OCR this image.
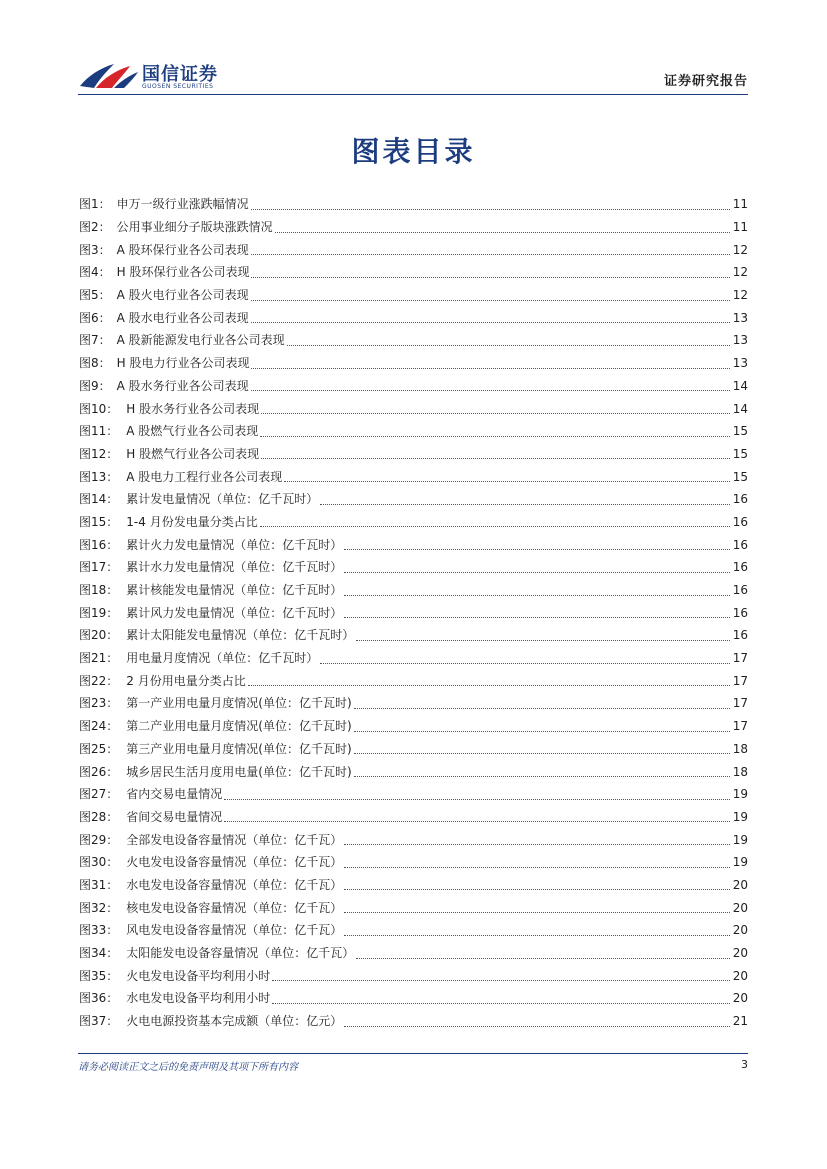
国信证券
GUOSEN SECURITIES	证券研究报告
图表目录
图1： 申万一级行业涨跌幅情况	11
图2： 公用事业细分子版块涨跌情况	11
图3： A 股环保行业各公司表现	12
图4： H 股环保行业各公司表现	12
图5： A 股火电行业各公司表现	12
图6： A 股水电行业各公司表现	13
图7： A 股新能源发电行业各公司表现	13
图8： H 股电力行业各公司表现	13
图9： A 股水务行业各公司表现	14
图10： H 股水务行业各公司表现	14
图11： A 股燃气行业各公司表现	15
图12： H 股燃气行业各公司表现	15
图13： A 股电力工程行业各公司表现	15
图14： 累计发电量情况（单位：亿千瓦时）	16
图15： 1-4 月份发电量分类占比	16
图16： 累计火力发电量情况（单位：亿千瓦时）	16
图17： 累计水力发电量情况（单位：亿千瓦时）	16
图18： 累计核能发电量情况（单位：亿千瓦时）	16
图19： 累计风力发电量情况（单位：亿千瓦时）	16
图20： 累计太阳能发电量情况（单位：亿千瓦时）	16
图21： 用电量月度情况（单位：亿千瓦时）	17
图22： 2 月份用电量分类占比	17
图23： 第一产业用电量月度情况(单位：亿千瓦时)	17
图24： 第二产业用电量月度情况(单位：亿千瓦时)	17
图25： 第三产业用电量月度情况(单位：亿千瓦时)	18
图26： 城乡居民生活月度用电量(单位：亿千瓦时)	18
图27： 省内交易电量情况	19
图28： 省间交易电量情况	19
图29： 全部发电设备容量情况（单位：亿千瓦）	19
图30： 火电发电设备容量情况（单位：亿千瓦）	19
图31： 水电发电设备容量情况（单位：亿千瓦）	20
图32： 核电发电设备容量情况（单位：亿千瓦）	20
图33： 风电发电设备容量情况（单位：亿千瓦）	20
图34： 太阳能发电设备容量情况（单位：亿千瓦）	20
图35： 火电发电设备平均利用小时	20
图36： 水电发电设备平均利用小时	20
图37： 火电电源投资基本完成额（单位：亿元）	21
请务必阅读正文之后的免责声明及其项下所有内容	3
